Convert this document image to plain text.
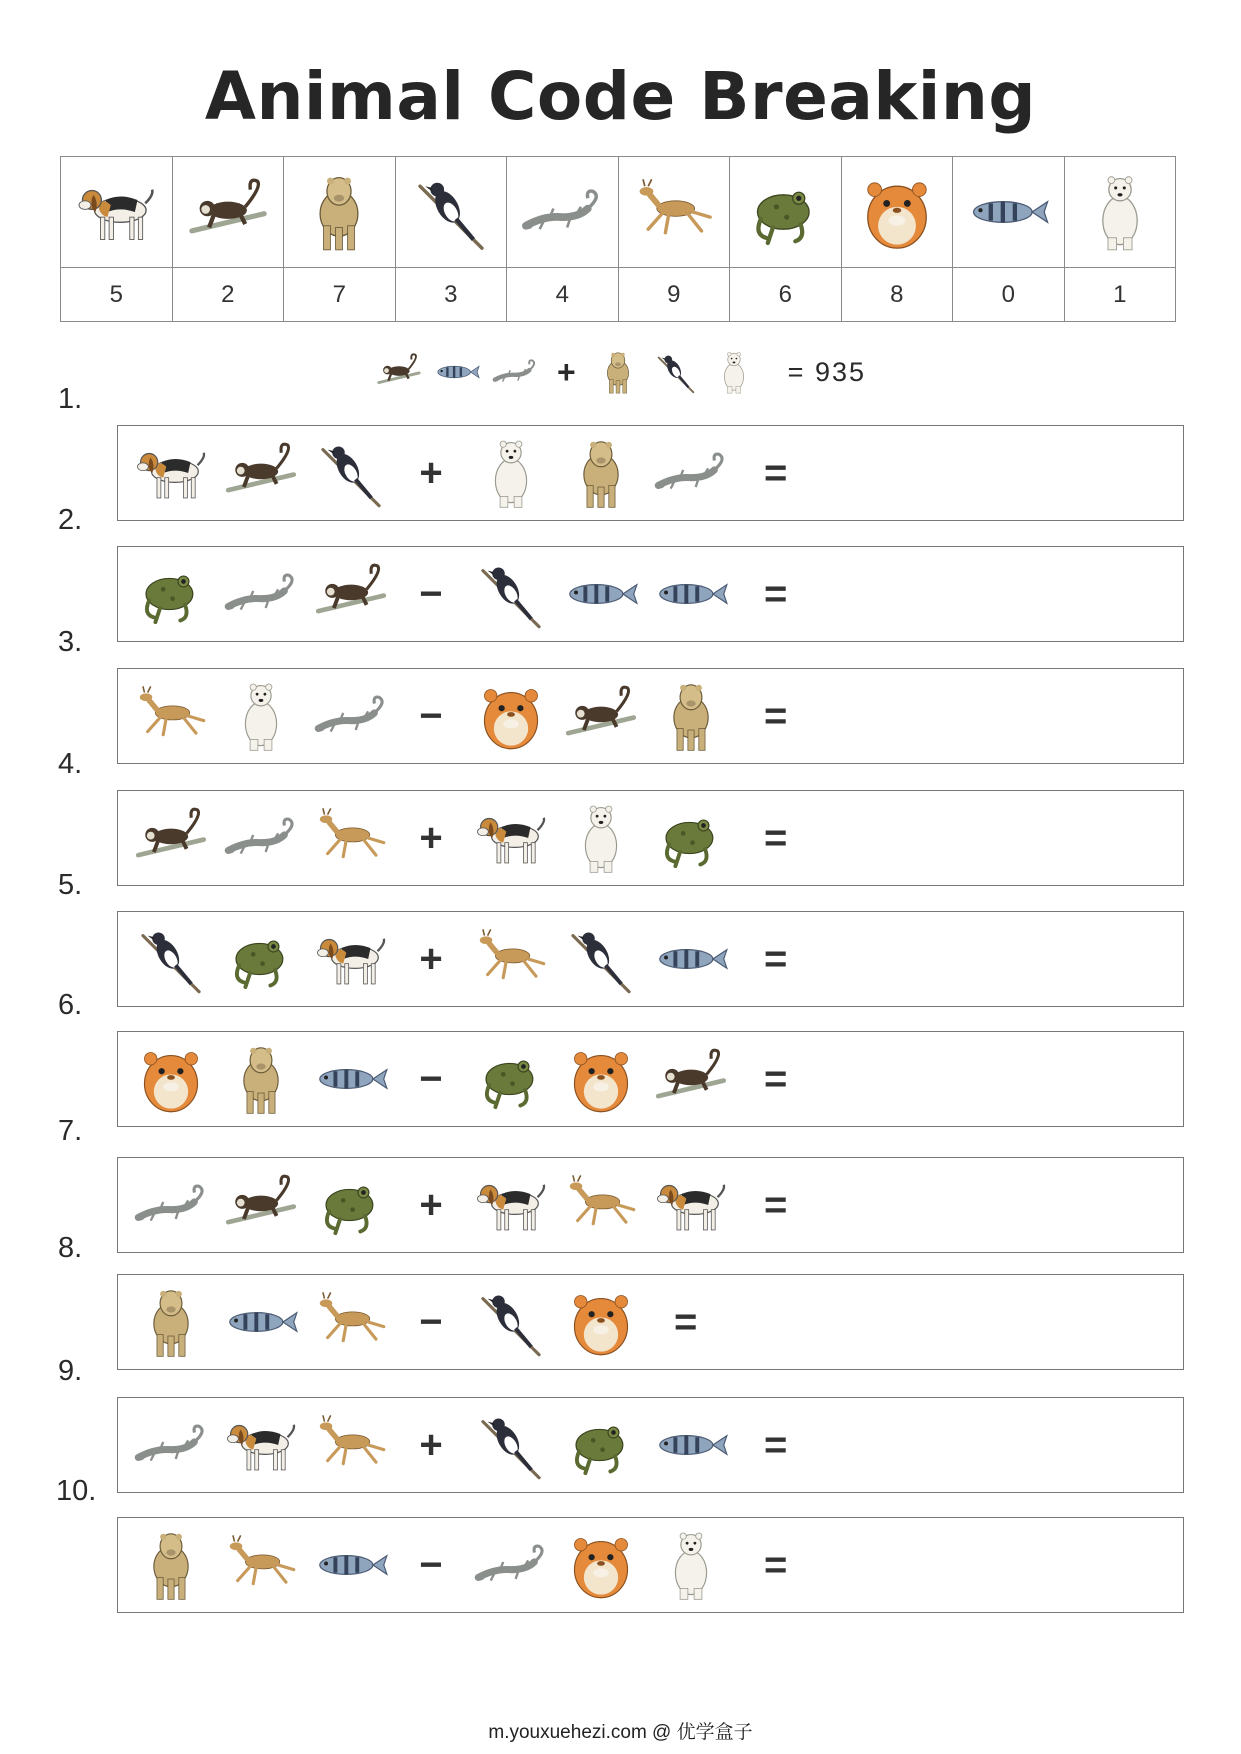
Animal Code Breaking
5	2	7	3	4	9	6	8	0	1
+	= 935
1.
+	=
2.
−	=
3.
−	=
4.
+	=
5.
+	=
6.
−	=
7.
+	=
8.
−	=
9.
+	=
10.
−	=
m.youxuehezi.com @ 优学盒子
